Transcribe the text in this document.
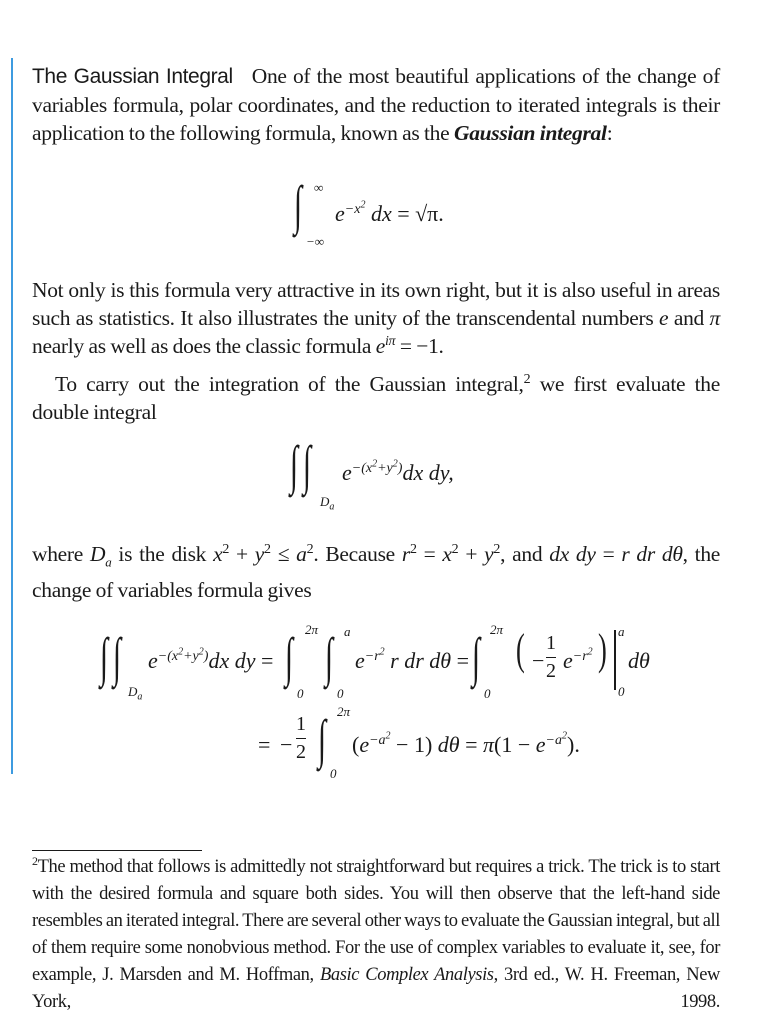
The Gaussian Integral One of the most beautiful applications of the change of variables formula, polar coordinates, and the reduction to iterated integrals is their application to the following formula, known as the Gaussian integral:
∫ ∞
−∞
$e^{-x^2}$ dx = √π.
Not only is this formula very attractive in its own right, but it is also useful in areas such as statistics. It also illustrates the unity of the transcendental numbers e and π nearly as well as does the classic formula $e^{i\pi} = -1$.
To carry out the integration of the Gaussian integral,$^2$ we first evaluate the double integral
∫ ∫
$D_a$
$e^{-(x^2+y^2)}dx$ dy,
where $D_a$ is the disk $x^2 + y^2 \le a^2$. Because $r^2 = x^2 + y^2$, and dx dy = r dr dθ, the change of variables formula gives
∫ ∫
$D_a$
$e^{-(x^2+y^2)}dx$ dy = ∫ 2π
0
∫ a
0
$e^{-r^2}$ r dr dθ = ∫ 2π
0
( −
1
2 $e^{-r^2}$ ) a
0
dθ
= −
1
2 ∫ 2π
0
$(e^{-a^2} - 1) d\theta = \pi(1 - e^{-a^2})$.
$^2$The method that follows is admittedly not straightforward but requires a trick. The trick is to start with the desired formula and square both sides. You will then observe that the left-hand side resembles an iterated integral. There are several other ways to evaluate the Gaussian integral, but all of them require some nonobvious method. For the use of complex variables to evaluate it, see, for example, J. Marsden and M. Hoffman, Basic Complex Analysis, 3rd ed., W. H. Freeman, New York, 1998.
